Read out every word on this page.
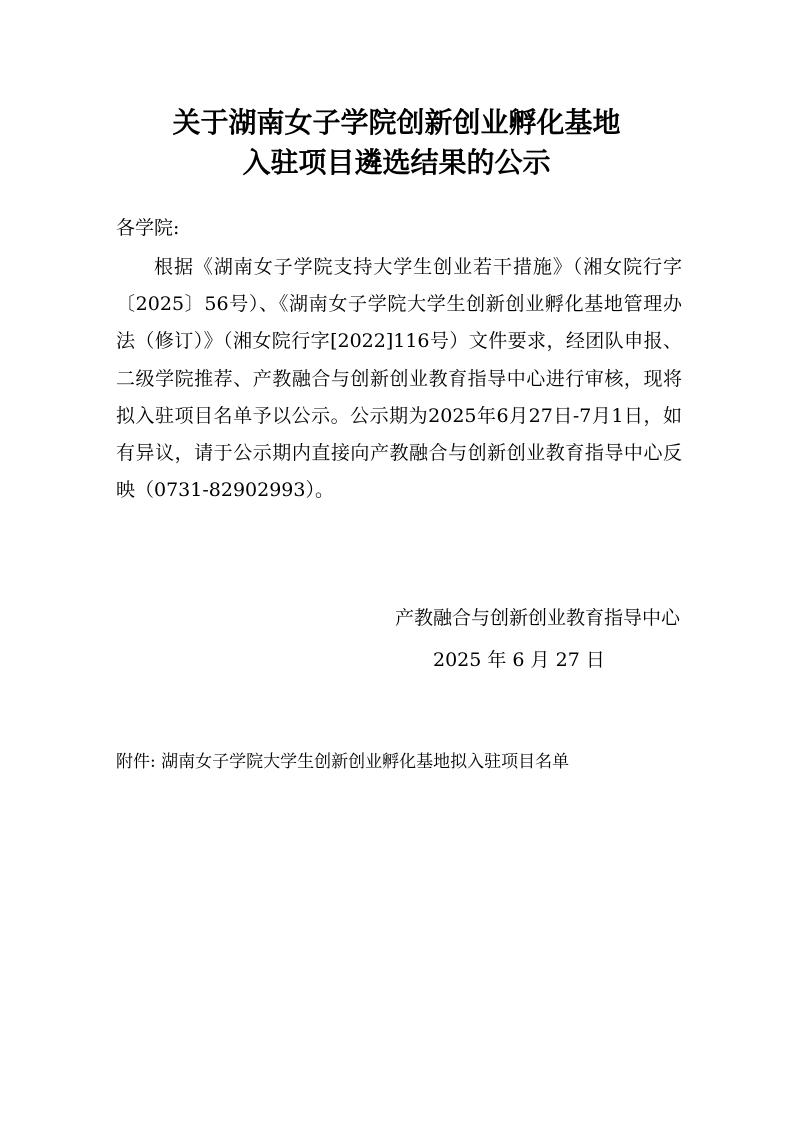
关于湖南女子学院创新创业孵化基地
入驻项目遴选结果的公示
各学院:

根据《湖南女子学院支持大学生创业若干措施》（湘女院行字〔2025〕56号）、《湖南女子学院大学生创新创业孵化基地管理办法（修订）》（湘女院行字[2022]116号）文件要求，经团队申报、二级学院推荐、产教融合与创新创业教育指导中心进行审核，现将拟入驻项目名单予以公示。公示期为2025年6月27日-7月1日，如有异议，请于公示期内直接向产教融合与创新创业教育指导中心反映（0731-82902993）。

产教融合与创新创业教育指导中心
2025 年 6 月 27 日
附件: 湖南女子学院大学生创新创业孵化基地拟入驻项目名单
